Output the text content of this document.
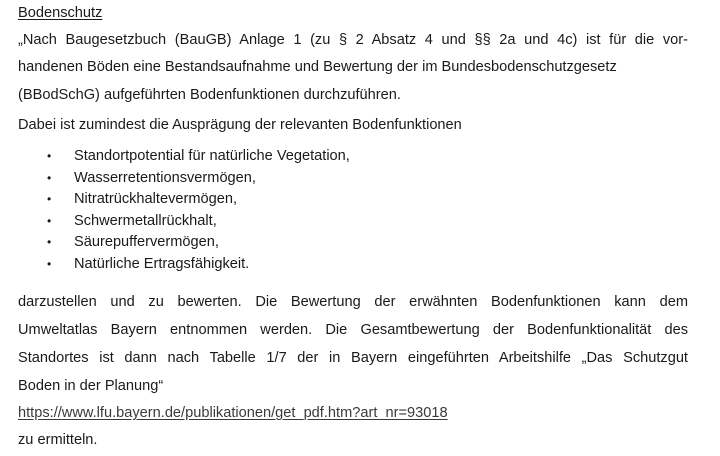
Bodenschutz
„Nach Baugesetzbuch (BauGB) Anlage 1 (zu § 2 Absatz 4 und §§ 2a und 4c) ist für die vor-
handenen Böden eine Bestandsaufnahme und Bewertung der im Bundesbodenschutzgesetz
(BBodSchG) aufgeführten Bodenfunktionen durchzuführen.
Dabei ist zumindest die Ausprägung der relevanten Bodenfunktionen
• Standortpotential für natürliche Vegetation,
• Wasserretentionsvermögen,
• Nitratrückhaltevermögen,
• Schwermetallrückhalt,
• Säurepuffervermögen,
• Natürliche Ertragsfähigkeit.
darzustellen und zu bewerten. Die Bewertung der erwähnten Bodenfunktionen kann dem
Umweltatlas Bayern entnommen werden. Die Gesamtbewertung der Bodenfunktionalität des
Standortes ist dann nach Tabelle 1/7 der in Bayern eingeführten Arbeitshilfe „Das Schutzgut
Boden in der Planung“
https://www.lfu.bayern.de/publikationen/get_pdf.htm?art_nr=93018
zu ermitteln.
